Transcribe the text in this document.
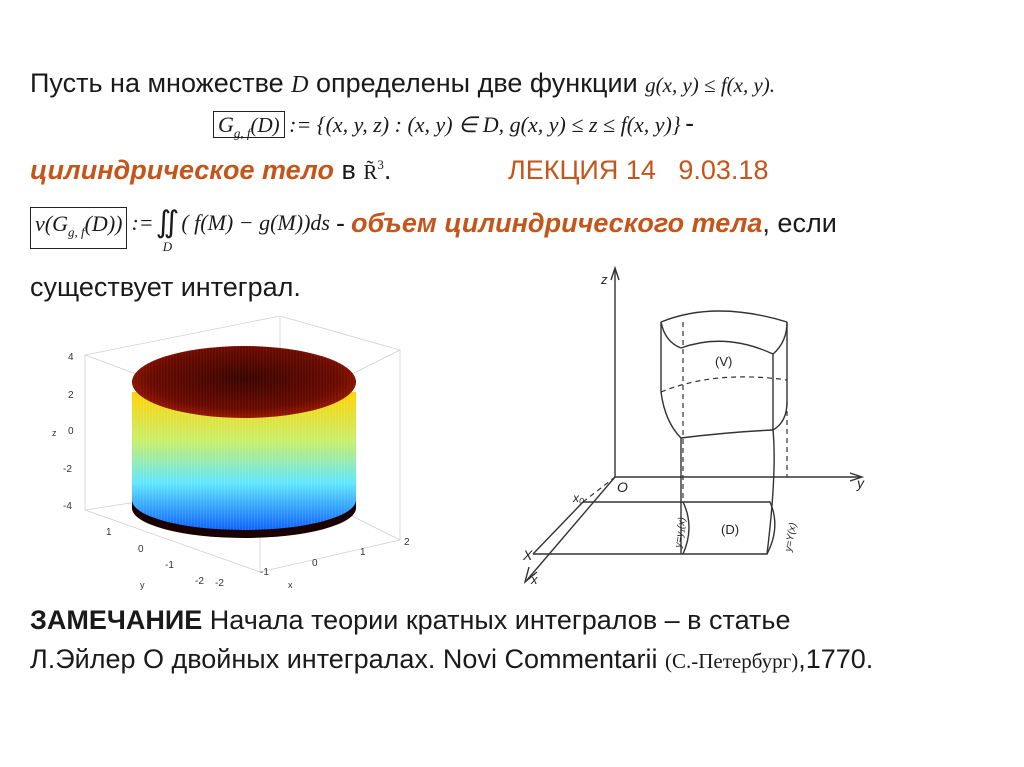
Пусть на множестве D определены две функции g(x, y) ≤ f(x, y).
$G_{g, f}(D)$ := {(x, y, z) : (x, y) ∈ D, g(x, y) ≤ z ≤ f(x, y)} -
цилиндрическое тело в R̃$^3$.	ЛЕКЦИЯ 14   9.03.18
$v(G_{g, f}(D))$ := ∬
D
( f(M) − g(M))ds - объем цилиндрического тела , если
существует интеграл.
4
2
0
-2
-4
z
1
0
-1
-2
y	-2
-1
0
1
2
x
z
y
O
x₀
X
x
(V)
(D)
y=y₁(x)	y=Y(x)
ЗАМЕЧАНИЕ Начала теории кратных интегралов – в статье
Л.Эйлер О двойных интегралах. Novi Commentarii (С.-Петербург),1770.
